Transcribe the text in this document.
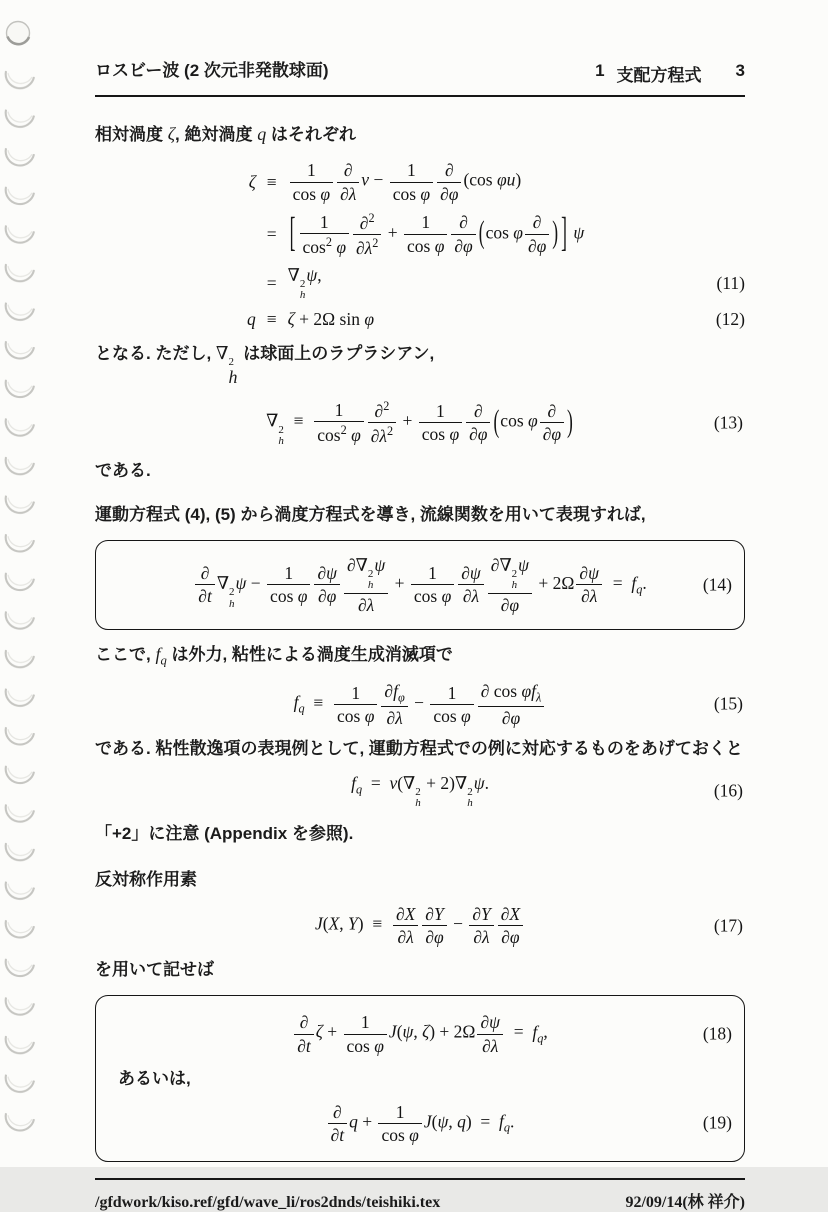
ロスビー波 (2 次元非発散球面)	1 支配方程式 3

相対渦度 ζ, 絶対渦度 q はそれぞれ

$\zeta \equiv \frac{1}{\text{cos φ}}$ ∂
∂λ
$v - \frac{1}{\text{cos φ}}$ ∂
∂φ
(cos φu)
= [ $\frac{1}{\cos^2 \varphi} \frac{\partial^2}{\partial\lambda^2} + \frac{1}{\text{cos φ}}$ ∂
∂φ (cos φ ∂
∂φ ) ] ψ
= ∇ 2
h
ψ,	(11)
q ≡ ζ + 2Ω sin φ	(12)

となる. ただし, ∇ 2
h
は球面上のラプラシアン,

∇ 2
h
 ≡  $\frac{1}{\cos^2 \varphi} \frac{\partial^2}{\partial\lambda^2} + \frac{1}{\text{cos φ}}$ ∂
∂φ (cos φ ∂
∂φ )	(13)

である.

運動方程式 (4), (5) から渦度方程式を導き, 流線関数を用いて表現すれば,

∂
∂t
∇ 2
h
$\psi - \frac{1}{\text{cos φ}} \frac{\partial\psi}{\partial\varphi}$ ∂∇ 2
h
ψ
$\partial\lambda + \frac{1}{\text{cos φ}} \frac{\partial\psi}{\partial\lambda}$ ∂∇ 2
h
ψ
$\partial\varphi + 2\Omega \frac{\partial\psi}{\partial\lambda}$  = $f_q$.	(14)

ここで, $f_q$ は外力, 粘性による渦度生成消滅項で

$f_q$ ≡  $\frac{1}{\text{cos φ}} \frac{\partial f_\varphi}{\partial\lambda} - \frac{1}{\text{cos φ}}$ ∂ $\cos \varphi f_\lambda$
∂φ
(15)

である. 粘性散逸項の表現例として, 運動方程式での例に対応するものをあげておくと

$f_q$ = ν(∇ 2
h
+ 2)∇ 2
h
ψ.	(16)

「+2」に注意 (Appendix を参照).

反対称作用素

J(X, Y) ≡  $\frac{\partial X}{\partial\lambda} \frac{\partial Y}{\partial\varphi} - \frac{\partial Y}{\partial\lambda} \frac{\partial X}{\partial\varphi}$	(17)

を用いて記せば

∂
∂t
$\zeta + \frac{1}{\text{cos φ}} J(\psi$, $\zeta) + 2\Omega \frac{\partial\psi}{\partial\lambda}$  = $f_q$,	(18)

あるいは,

∂
∂t
$q + \frac{1}{\text{cos φ}} J(\psi$, q) = $f_q$.	(19)
/gfdwork/kiso.ref/gfd/wave_li/ros2dnds/teishiki.tex	92/09/14(林 祥介)
